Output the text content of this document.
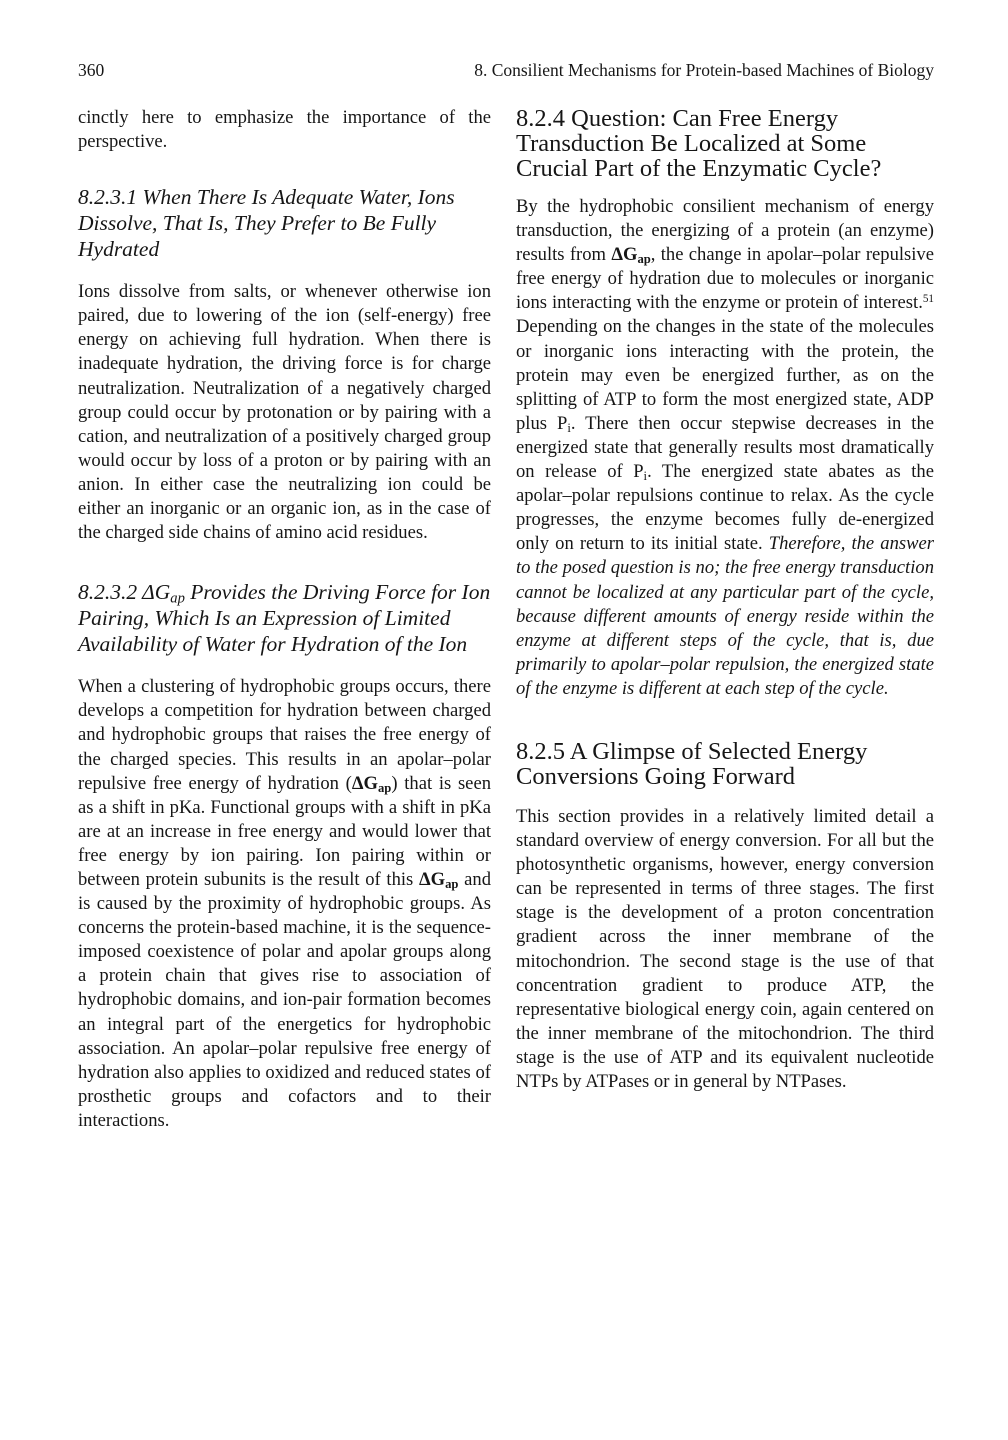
360	8. Consilient Mechanisms for Protein-based Machines of Biology

cinctly here to emphasize the importance of the perspective.

8.2.3.1 When There Is Adequate Water, Ions Dissolve, That Is, They Prefer to Be Fully Hydrated

Ions dissolve from salts, or whenever otherwise ion paired, due to lowering of the ion (self-energy) free energy on achieving full hydration. When there is inadequate hydration, the driving force is for charge neutralization. Neutralization of a negatively charged group could occur by protonation or by pairing with a cation, and neutralization of a positively charged group would occur by loss of a proton or by pairing with an anion. In either case the neutralizing ion could be either an inorganic or an organic ion, as in the case of the charged side chains of amino acid residues.

8.2.3.2 $\Delta G_{ap}$ Provides the Driving Force for Ion Pairing, Which Is an Expression of Limited Availability of Water for Hydration of the Ion

When a clustering of hydrophobic groups occurs, there develops a competition for hydration between charged and hydrophobic groups that raises the free energy of the charged species. This results in an apolar–polar repulsive free energy of hydration $(\Delta G_{ap})$ that is seen as a shift in pKa. Functional groups with a shift in pKa are at an increase in free energy and would lower that free energy by ion pairing. Ion pairing within or between protein subunits is the result of this $\Delta G_{ap}$ and is caused by the proximity of hydrophobic groups. As concerns the protein-based machine, it is the sequence-imposed coexistence of polar and apolar groups along a protein chain that gives rise to association of hydrophobic domains, and ion-pair formation becomes an integral part of the energetics for hydrophobic association. An apolar–polar repulsive free energy of hydration also applies to oxidized and reduced states of prosthetic groups and cofactors and to their interactions.

8.2.4 Question: Can Free Energy Transduction Be Localized at Some Crucial Part of the Enzymatic Cycle?

By the hydrophobic consilient mechanism of energy transduction, the energizing of a protein (an enzyme) results from $\Delta G_{ap}$, the change in apolar–polar repulsive free energy of hydration due to molecules or inorganic ions interacting with the enzyme or protein of interest.$^{51}$ Depending on the changes in the state of the molecules or inorganic ions interacting with the protein, the protein may even be energized further, as on the splitting of ATP to form the most energized state, ADP plus $P_i$. There then occur stepwise decreases in the energized state that generally results most dramatically on release of $P_i$. The energized state abates as the apolar–polar repulsions continue to relax. As the cycle progresses, the enzyme becomes fully de-energized only on return to its initial state. Therefore, the answer to the posed question is no; the free energy transduction cannot be localized at any particular part of the cycle, because different amounts of energy reside within the enzyme at different steps of the cycle, that is, due primarily to apolar–polar repulsion, the energized state of the enzyme is different at each step of the cycle.

8.2.5 A Glimpse of Selected Energy Conversions Going Forward

This section provides in a relatively limited detail a standard overview of energy conversion. For all but the photosynthetic organisms, however, energy conversion can be represented in terms of three stages. The first stage is the development of a proton concentration gradient across the inner membrane of the mitochondrion. The second stage is the use of that concentration gradient to produce ATP, the representative biological energy coin, again centered on the inner membrane of the mitochondrion. The third stage is the use of ATP and its equivalent nucleotide NTPs by ATPases or in general by NTPases.
